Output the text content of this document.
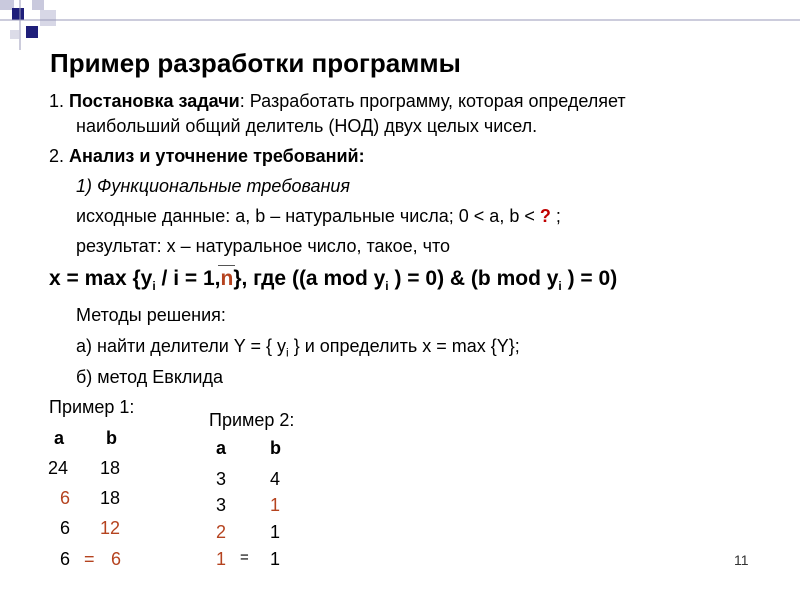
Пример разработки программы
1. Постановка задачи: Разработать программу, которая определяет
наибольший общий делитель (НОД) двух целых чисел.
2. Анализ и уточнение требований:
1) Функциональные требования
исходные данные: a, b – натуральные числа; 0 < a, b < ? ;
результат: x – натуральное число, такое, что
$x = \max \{y_i / i = 1,n\}$, где ((a mod $y_i$ ) = 0) & (b mod $y_i$ ) = 0)
Методы решения:
а) найти делители Y = { $y_i$ } и определить x = max {Y};
б) метод Евклида
Пример 1:
a b
24 18
6 18
6 12
6 = 6
Пример 2:
a b
3 4
3 1
2 1
1 = 1	11
